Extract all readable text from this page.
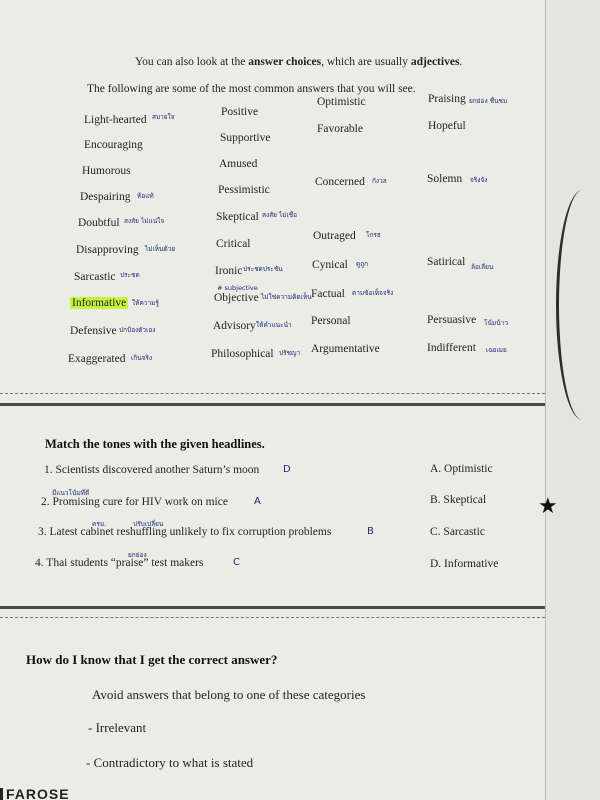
You can also look at the answer choices, which are usually adjectives.
The following are some of the most common answers that you will see.
Light-hearted
Encouraging
Humorous
Despairing
Doubtful
Disapproving
Sarcastic
Informative
Defensive
Exaggerated
Positive
Supportive
Amused
Pessimistic
Skeptical
Critical
Ironic
Objective
Advisory
Philosophical
Optimistic
Favorable
Concerned
Outraged
Cynical
Factual
Personal
Argumentative
Praising
Hopeful
Solemn
Satirical
Persuasive
Indifferent
สบายใจ
ยกย่อง ชื่นชม
ท้อแท้
สงสัย ไม่แน่ใจ
สงสัย ไม่เชื่อ
ไม่เห็นด้วย
โกรธ
ประชด
ประชดประชัน
ดูถูก	ล้อเลียน
ให้ความรู้
# subjective
ไม่ใช่ความคิดเห็น	ตามข้อเท็จจริง
ปกป้องตัวเอง
ให้คำแนะนำ	โน้มน้าว
เกินจริง
ปรัชญา	เฉยเมย
กังวล	จริงจัง
Match the tones with the given headlines.
1. Scientists discovered another Saturn’s moon D
มีแนวโน้มที่ดี
2. Promising cure for HIV work on mice	A
ครม.	ปรับเปลี่ยน
3. Latest cabinet reshuffling unlikely to fix corruption problems	B
ยกย่อง
4. Thai students “praise” test makers	C
A. Optimistic
B. Skeptical
C. Sarcastic
D. Informative
How do I know that I get the correct answer?
Avoid answers that belong to one of these categories
- Irrelevant
- Contradictory to what is stated
FAROSE
★
